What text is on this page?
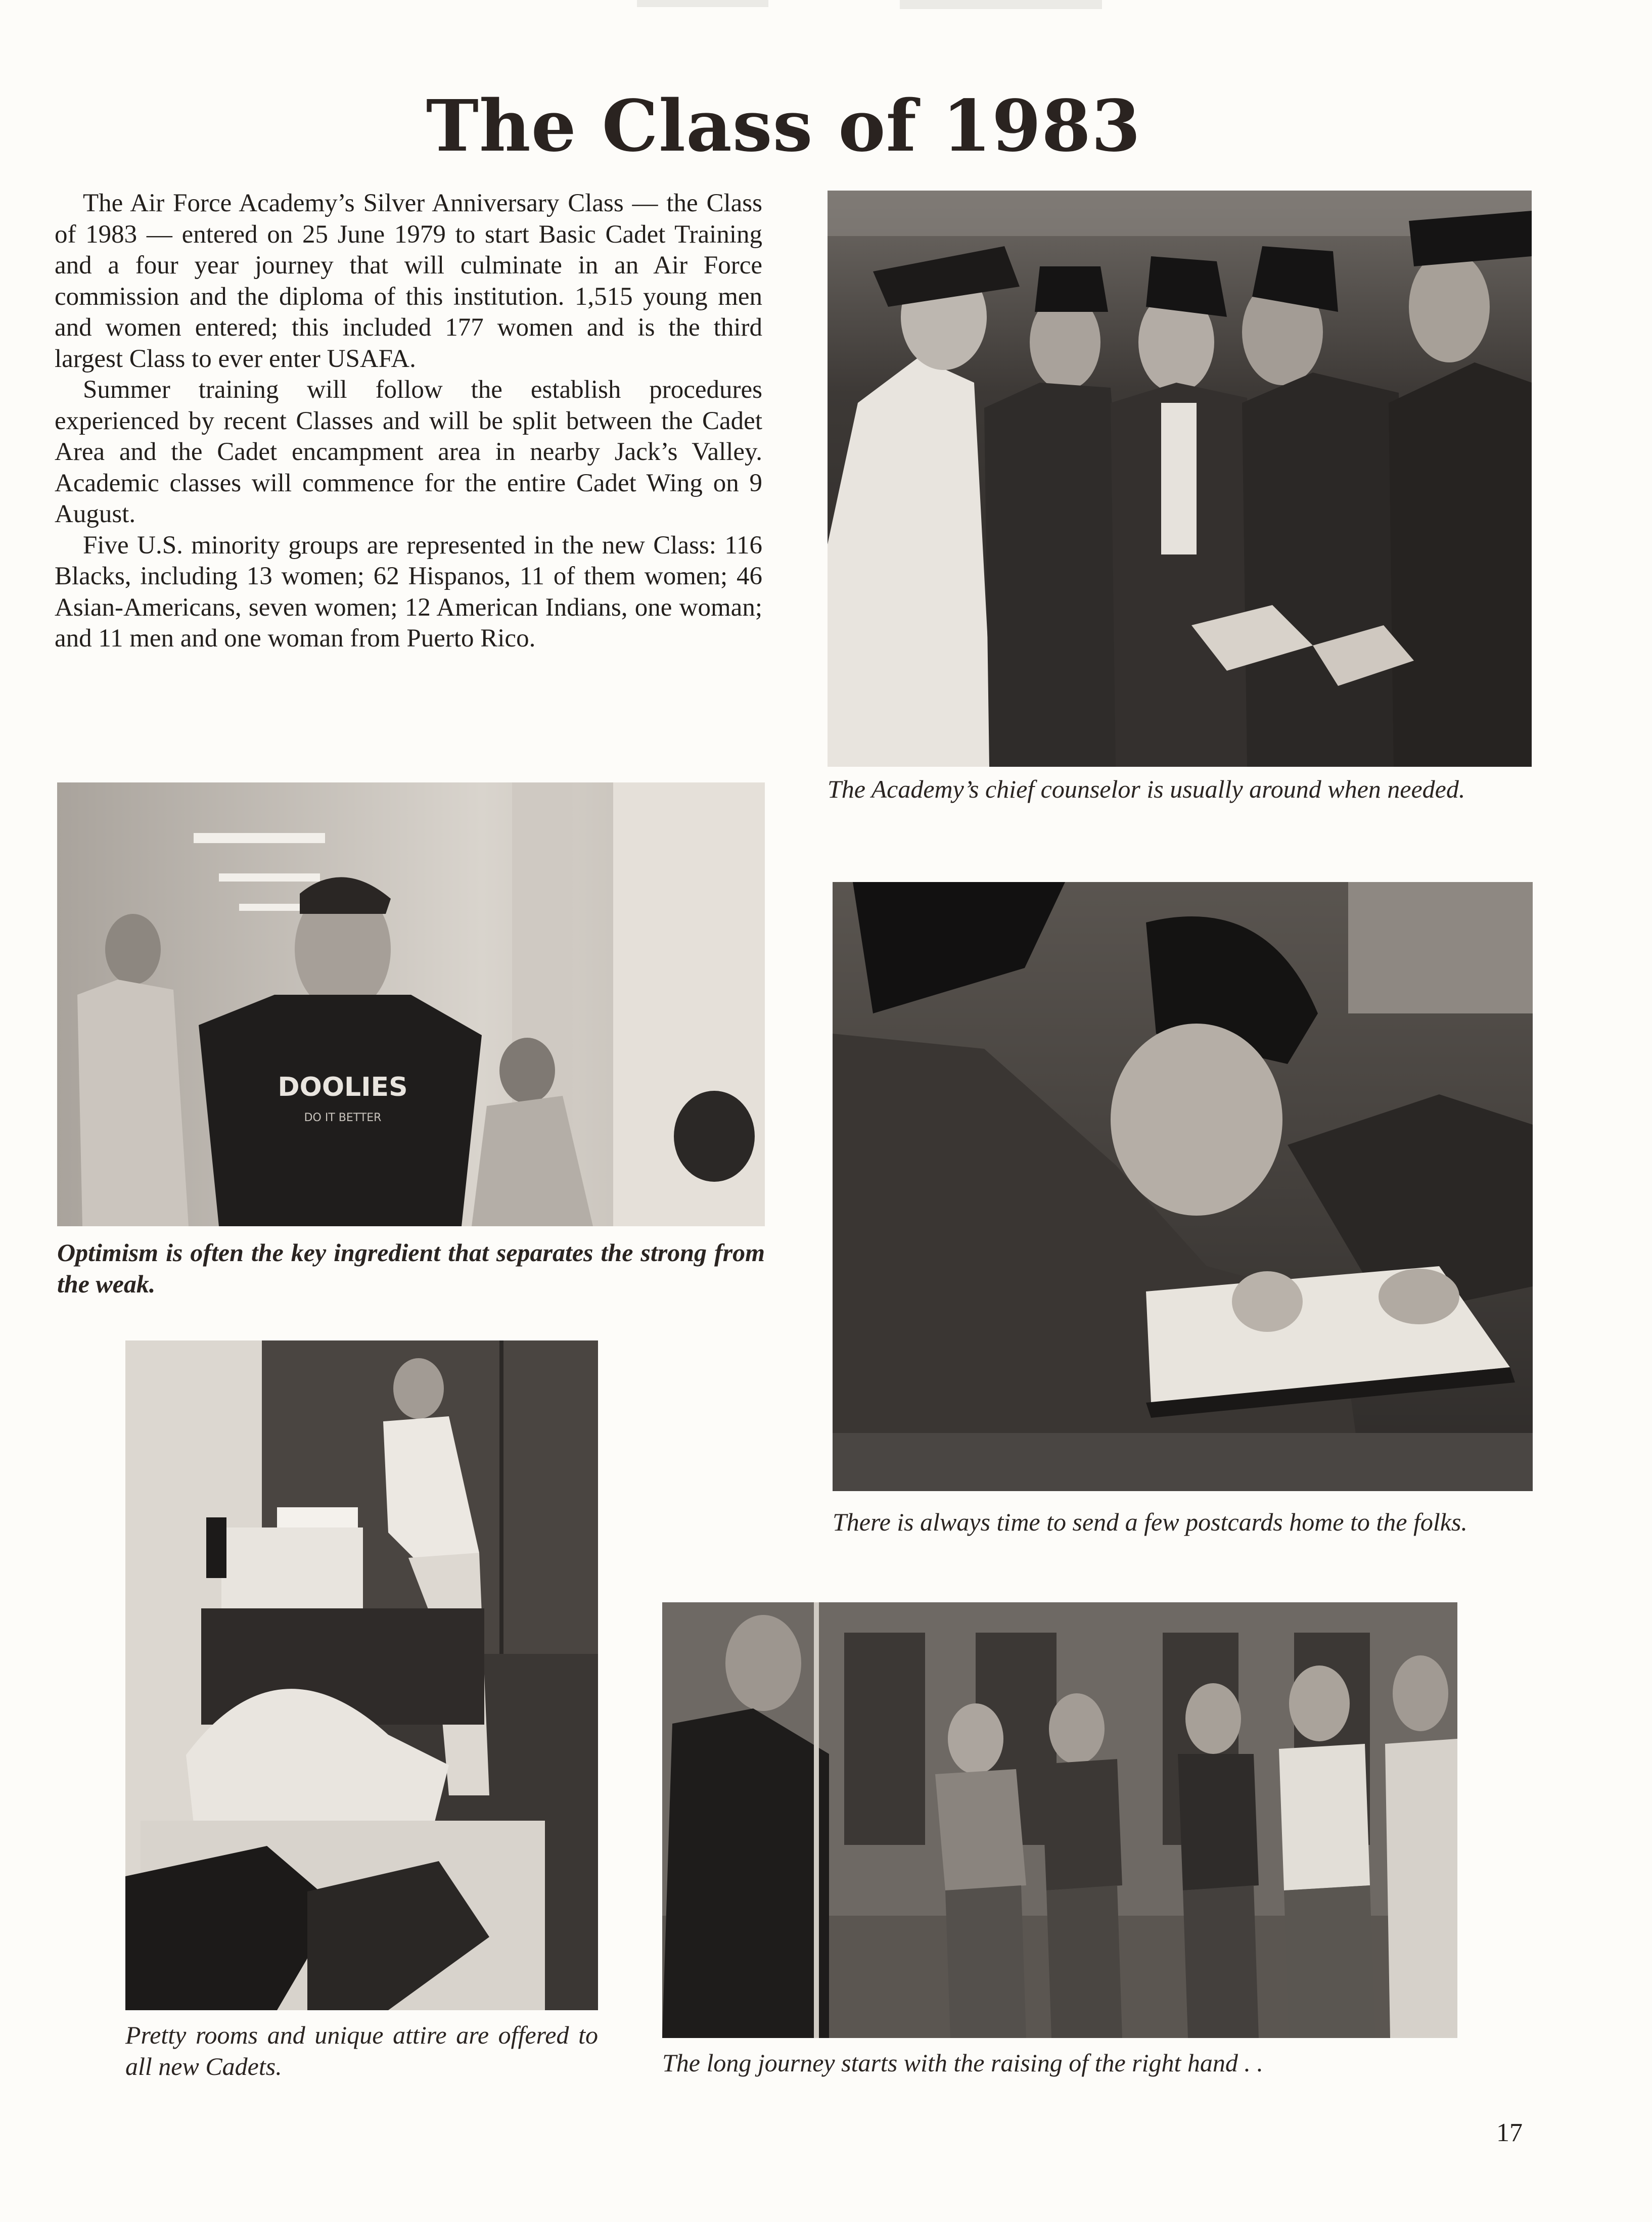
The Class of 1983

The Air Force Academy’s Silver Anniversary Class — the Class of 1983 — entered on 25 June 1979 to start Basic Cadet Training and a four year journey that will culminate in an Air Force commission and the diploma of this institution. 1,515 young men and women entered; this included 177 women and is the third largest Class to ever enter USAFA.

Summer training will follow the establish procedures experienced by recent Classes and will be split between the Cadet Area and the Cadet encampment area in nearby Jack’s Valley. Academic classes will commence for the entire Cadet Wing on 9 August.

Five U.S. minority groups are represented in the new Class: 116 Blacks, including 13 women; 62 Hispanos, 11 of them women; 46 Asian-Americans, seven women; 12 American Indians, one woman; and 11 men and one woman from Puerto Rico.

The Academy’s chief counselor is usually around when needed.
DOOLIES
DO IT BETTER
Optimism is often the key ingredient that separates the strong from the weak.
There is always time to send a few postcards home to the folks.
Pretty rooms and unique attire are offered to all new Cadets.	The long journey starts with the raising of the right hand . .
17
